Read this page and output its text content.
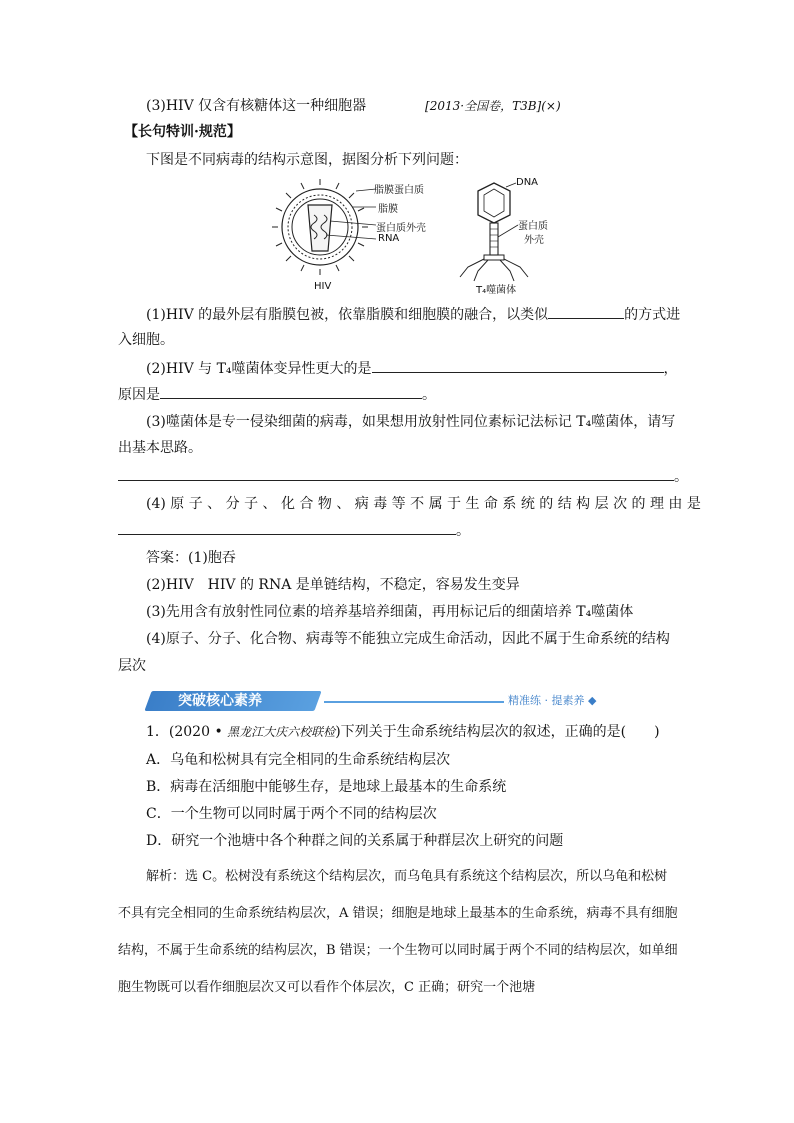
(3)HIV 仅含有核糖体这一种细胞器	[2013·全国卷，T3B](×)
【长句特训·规范】
下图是不同病毒的结构示意图，据图分析下列问题：
脂膜蛋白质
脂膜
蛋白质外壳
RNA
HIV
DNA
蛋白质
外壳
T₄噬菌体
(1)HIV 的最外层有脂膜包被，依靠脂膜和细胞膜的融合，以类似	的方式进
入细胞。
(2)HIV 与 T₄噬菌体变异性更大的是	，
原因是	。
(3)噬菌体是专一侵染细菌的病毒，如果想用放射性同位素标记法标记 T₄噬菌体，请写
出基本思路。
。
(4) 原 子 、 分 子 、 化 合 物 、 病 毒 等 不 属 于 生 命 系 统 的 结 构 层 次 的 理 由 是
。
答案：(1)胞吞
(2)HIV　HIV 的 RNA 是单链结构，不稳定，容易发生变异
(3)先用含有放射性同位素的培养基培养细菌，再用标记后的细菌培养 T₄噬菌体
(4)原子、分子、化合物、病毒等不能独立完成生命活动，因此不属于生命系统的结构
层次
突破核心素养	精准练 · 提素养 ◆
1．(2020 • 黑龙江大庆六校联检)下列关于生命系统结构层次的叙述，正确的是(　　)
A．乌龟和松树具有完全相同的生命系统结构层次
B．病毒在活细胞中能够生存，是地球上最基本的生命系统
C．一个生物可以同时属于两个不同的结构层次
D．研究一个池塘中各个种群之间的关系属于种群层次上研究的问题
解析：选 C。松树没有系统这个结构层次，而乌龟具有系统这个结构层次，所以乌龟和松树不具有完全相同的生命系统结构层次，A 错误；细胞是地球上最基本的生命系统，病毒不具有细胞结构，不属于生命系统的结构层次，B 错误；一个生物可以同时属于两个不同的结构层次，如单细胞生物既可以看作细胞层次又可以看作个体层次，C 正确；研究一个池塘
